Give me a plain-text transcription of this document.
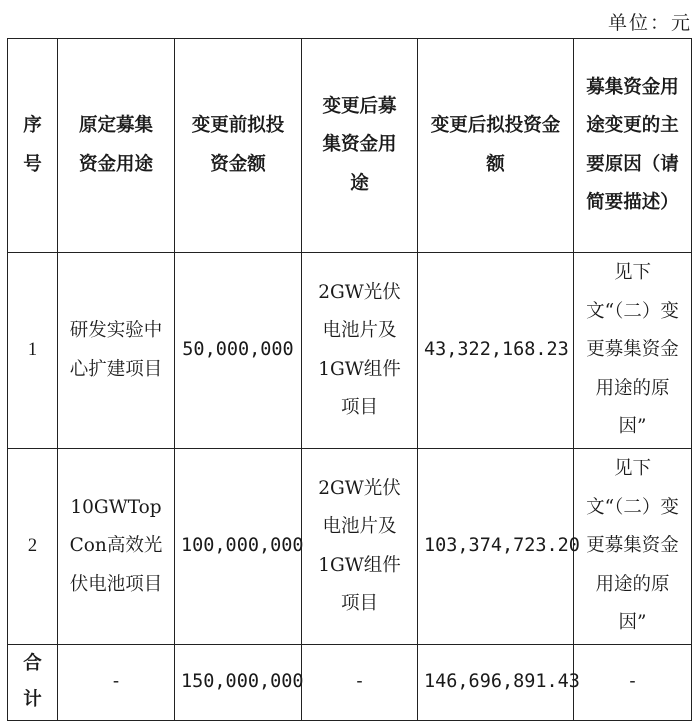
单位：元
序号	原定募集资金用途	变更前拟投资金额	变更后募集资金用途	变更后拟投资金额	募集资金用途变更的主要原因（请简要描述）
1	研发实验中心扩建项目	50,000,000	2GW光伏电池片及1GW组件项目	43,322,168.23	见下文“（二）变更募集资金用途的原因”
2	10GWTopCon高效光伏电池项目	100,000,000	2GW光伏电池片及1GW组件项目	103,374,723.20	见下文“（二）变更募集资金用途的原因”
合计	-	150,000,000	-	146,696,891.43	-
